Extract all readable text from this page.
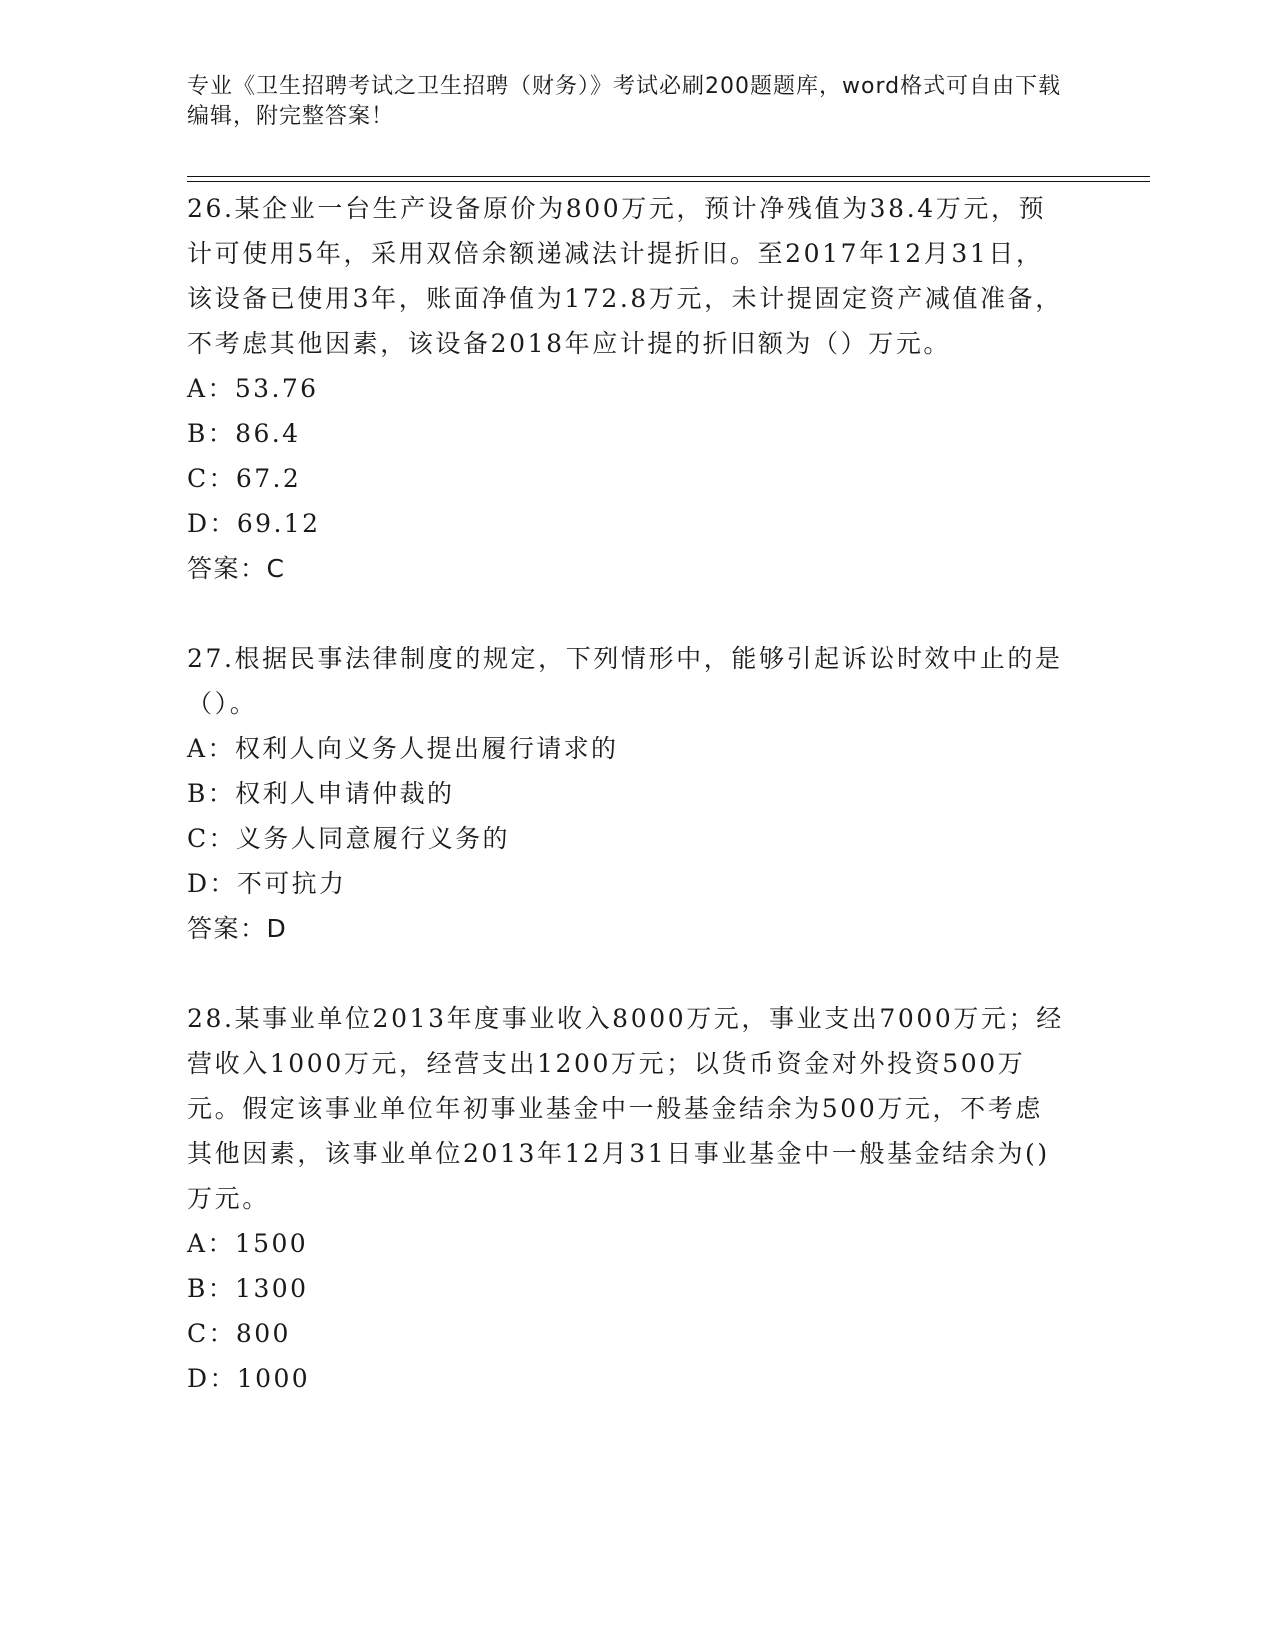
专业《卫生招聘考试之卫生招聘（财务）》考试必刷200题题库，word格式可自由下载编辑，附完整答案！

26.某企业一台生产设备原价为800万元，预计净残值为38.4万元，预计可使用5年，采用双倍余额递减法计提折旧。至2017年12月31日，该设备已使用3年，账面净值为172.8万元，未计提固定资产减值准备，不考虑其他因素，该设备2018年应计提的折旧额为（）万元。

A：53.76
B：86.4
C：67.2
D：69.12
答案：C

27.根据民事法律制度的规定，下列情形中，能够引起诉讼时效中止的是（）。

A：权利人向义务人提出履行请求的
B：权利人申请仲裁的
C：义务人同意履行义务的
D：不可抗力
答案：D

28.某事业单位2013年度事业收入8000万元，事业支出7000万元；经营收入1000万元，经营支出1200万元；以货币资金对外投资500万元。假定该事业单位年初事业基金中一般基金结余为500万元，不考虑其他因素，该事业单位2013年12月31日事业基金中一般基金结余为()万元。

A：1500
B：1300
C：800
D：1000
